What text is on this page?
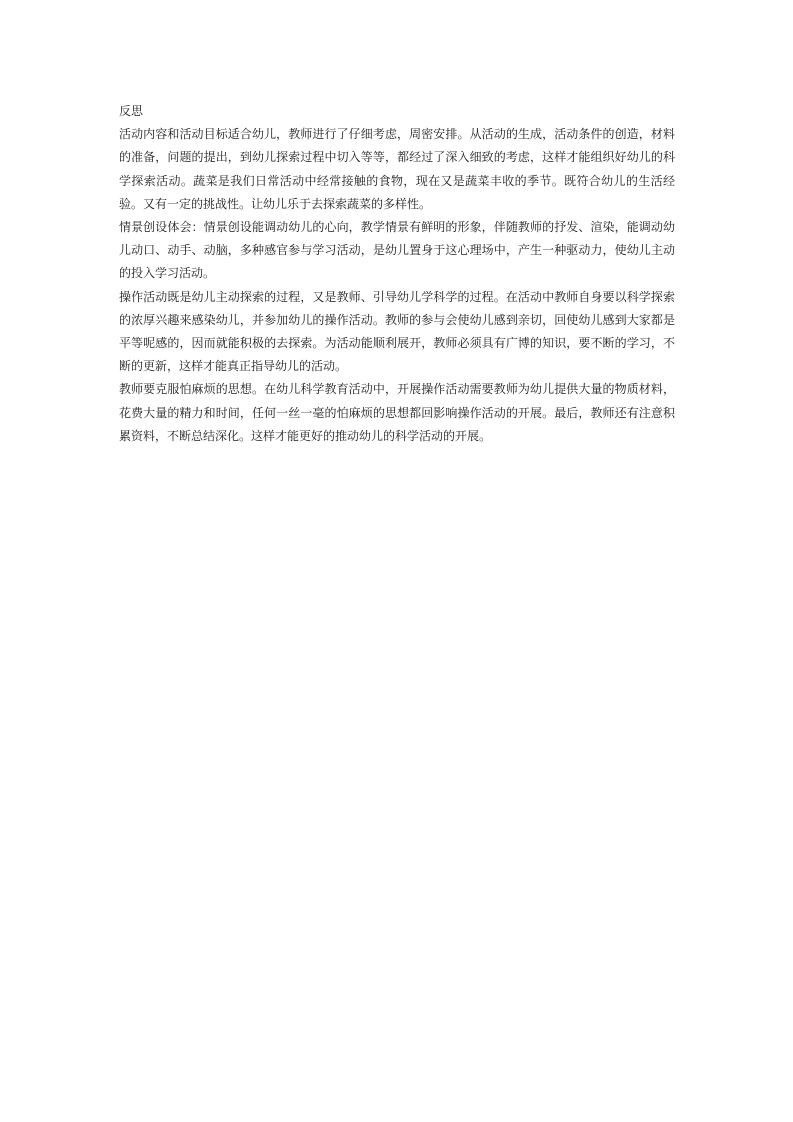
反思

活动内容和活动目标适合幼儿，教师进行了仔细考虑，周密安排。从活动的生成，活动条件的创造，材料的准备，问题的提出，到幼儿探索过程中切入等等，都经过了深入细致的考虑，这样才能组织好幼儿的科学探索活动。蔬菜是我们日常活动中经常接触的食物，现在又是蔬菜丰收的季节。既符合幼儿的生活经验。又有一定的挑战性。让幼儿乐于去探索蔬菜的多样性。

情景创设体会：情景创设能调动幼儿的心向，教学情景有鲜明的形象，伴随教师的抒发、渲染，能调动幼儿动口、动手、动脑，多种感官参与学习活动，是幼儿置身于这心理场中，产生一种驱动力，使幼儿主动的投入学习活动。

操作活动既是幼儿主动探索的过程，又是教师、引导幼儿学科学的过程。在活动中教师自身要以科学探索的浓厚兴趣来感染幼儿，并参加幼儿的操作活动。教师的参与会使幼儿感到亲切，回使幼儿感到大家都是平等呢感的，因而就能积极的去探索。为活动能顺利展开，教师必须具有广博的知识，要不断的学习，不断的更新，这样才能真正指导幼儿的活动。

教师要克服怕麻烦的思想。在幼儿科学教育活动中，开展操作活动需要教师为幼儿提供大量的物质材料，花费大量的精力和时间，任何一丝一毫的怕麻烦的思想都回影响操作活动的开展。最后，教师还有注意积累资料，不断总结深化。这样才能更好的推动幼儿的科学活动的开展。
